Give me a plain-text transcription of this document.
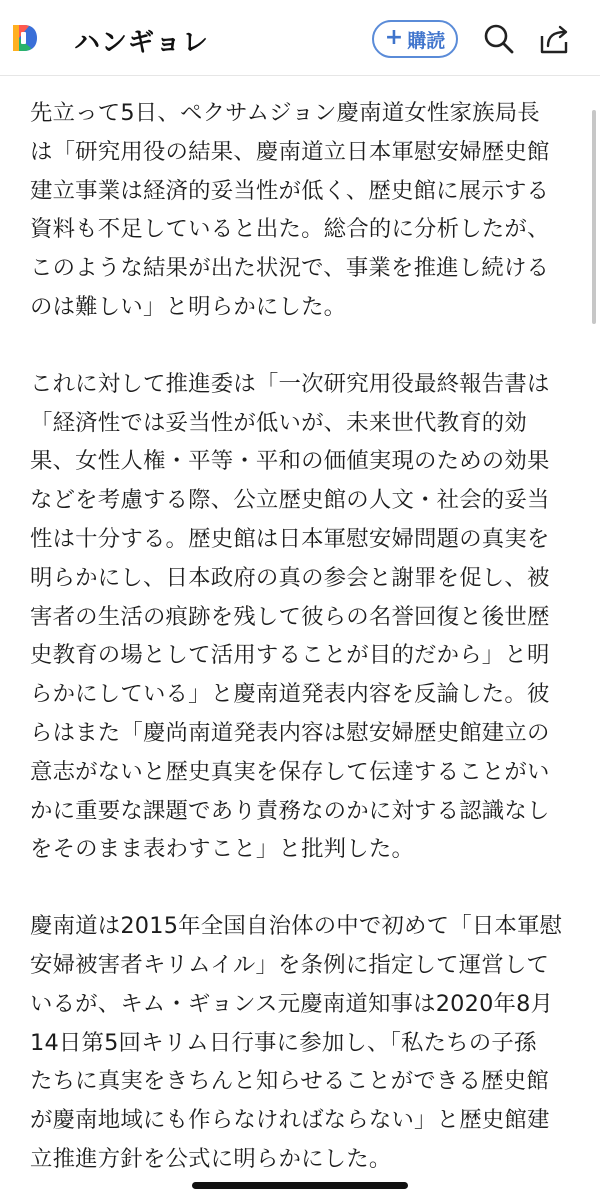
ハンギョレ	+ 購読

先立って5日、ペクサムジョン慶南道女性家族局長
は「研究用役の結果、慶南道立日本軍慰安婦歴史館
建立事業は経済的妥当性が低く、歴史館に展示する
資料も不足していると出た。総合的に分析したが、
このような結果が出た状況で、事業を推進し続ける
のは難しい」と明らかにした。

これに対して推進委は「一次研究用役最終報告書は
「経済性では妥当性が低いが、未来世代教育的効
果、女性人権・平等・平和の価値実現のための効果
などを考慮する際、公立歴史館の人文・社会的妥当
性は十分する。歴史館は日本軍慰安婦問題の真実を
明らかにし、日本政府の真の参会と謝罪を促し、被
害者の生活の痕跡を残して彼らの名誉回復と後世歴
史教育の場として活用することが目的だから」と明
らかにしている」と慶南道発表内容を反論した。彼
らはまた「慶尚南道発表内容は慰安婦歴史館建立の
意志がないと歴史真実を保存して伝達することがい
かに重要な課題であり責務なのかに対する認識なし
をそのまま表わすこと」と批判した。

慶南道は2015年全国自治体の中で初めて「日本軍慰
安婦被害者キリムイル」を条例に指定して運営して
いるが、キム・ギョンス元慶南道知事は2020年8月
14日第5回キリム日行事に参加し、「私たちの子孫
たちに真実をきちんと知らせることができる歴史館
が慶南地域にも作らなければならない」と歴史館建
立推進方針を公式に明らかにした。
